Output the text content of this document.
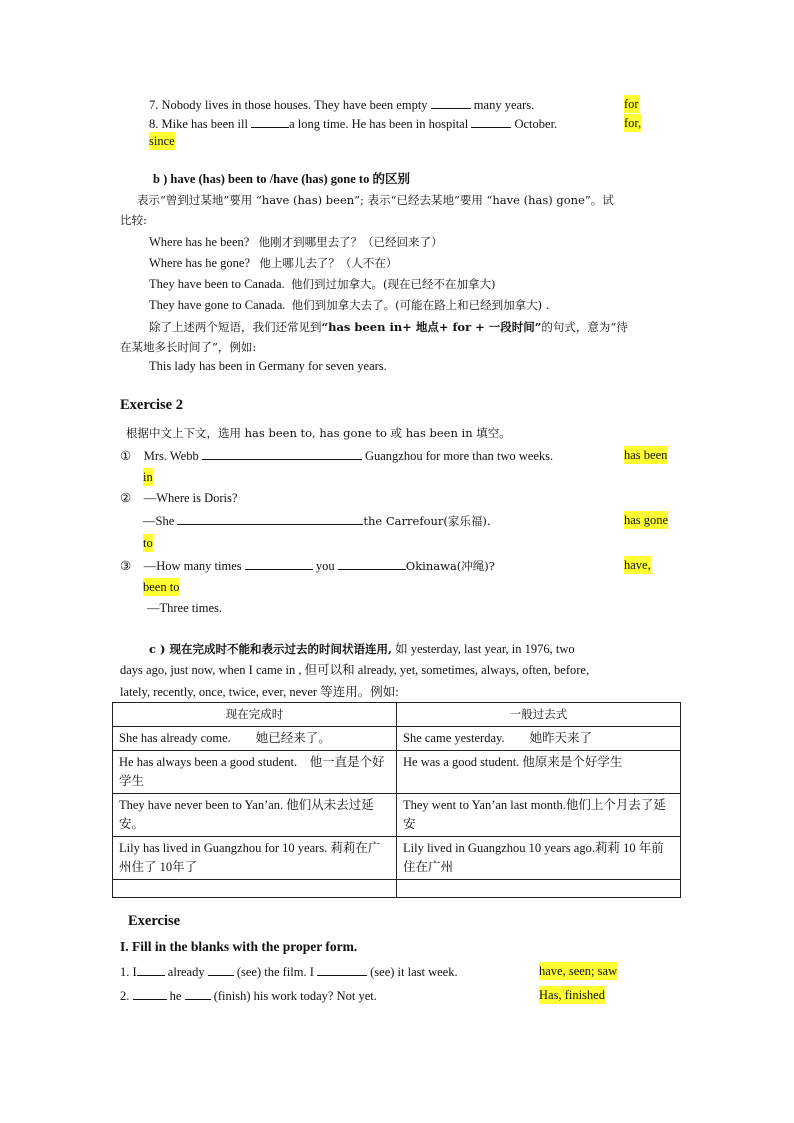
7. Nobody lives in those houses. They have been empty	many years.	for
8. Mike has been ill	a long time. He has been in hospital	October.	for,
since
b ) have (has) been to /have (has) gone to 的区别
表示“曾到过某地”要用 “have (has) been”; 表示“已经去某地”要用 “have (has) gone”。试
比较:
Where has he been? 他刚才到哪里去了？（已经回来了）
Where has he gone? 他上哪儿去了？（人不在）
They have been to Canada. 他们到过加拿大。(现在已经不在加拿大)
They have gone to Canada. 他们到加拿大去了。(可能在路上和已经到加拿大) .
除了上述两个短语，我们还常见到“has been in+ 地点+ for + 一段时间”的句式，意为“待
在某地多长时间了”，例如:
This lady has been in Germany for seven years.
Exercise 2
根据中文上下文，选用 has been to, has gone to 或 has been in 填空。
① Mrs. Webb	Guangzhou for more than two weeks.	has been
in
② —Where is Doris?
—She	the Carrefour(家乐福).	has gone
to
③ —How many times	you	Okinawa(冲绳)?	have,
been to
—Three times.
c ) 现在完成时不能和表示过去的时间状语连用, 如 yesterday, last year, in 1976, two
days ago, just now, when I came in , 但可以和 already, yet, sometimes, always, often, before,
lately, recently, once, twice, ever, never 等连用。例如:
现在完成时	一般过去式
She has already come.　　她已经来了。	She came yesterday.　　她昨天来了
He has always been a good student.　他一直是个好学生	He was a good student. 他原来是个好学生
They have never been to Yan’an. 他们从未去过延安。	They went to Yan’an last month.他们上个月去了延安
Lily has lived in Guangzhou for 10 years. 莉莉在广州住了 10年了	Lily lived in Guangzhou 10 years ago.莉莉 10 年前住在广州

Exercise
I. Fill in the blanks with the proper form.
1. I already	(see) the film. I	(see) it last week.	have, seen; saw
2.	he	(finish) his work today? Not yet.	Has, finished
